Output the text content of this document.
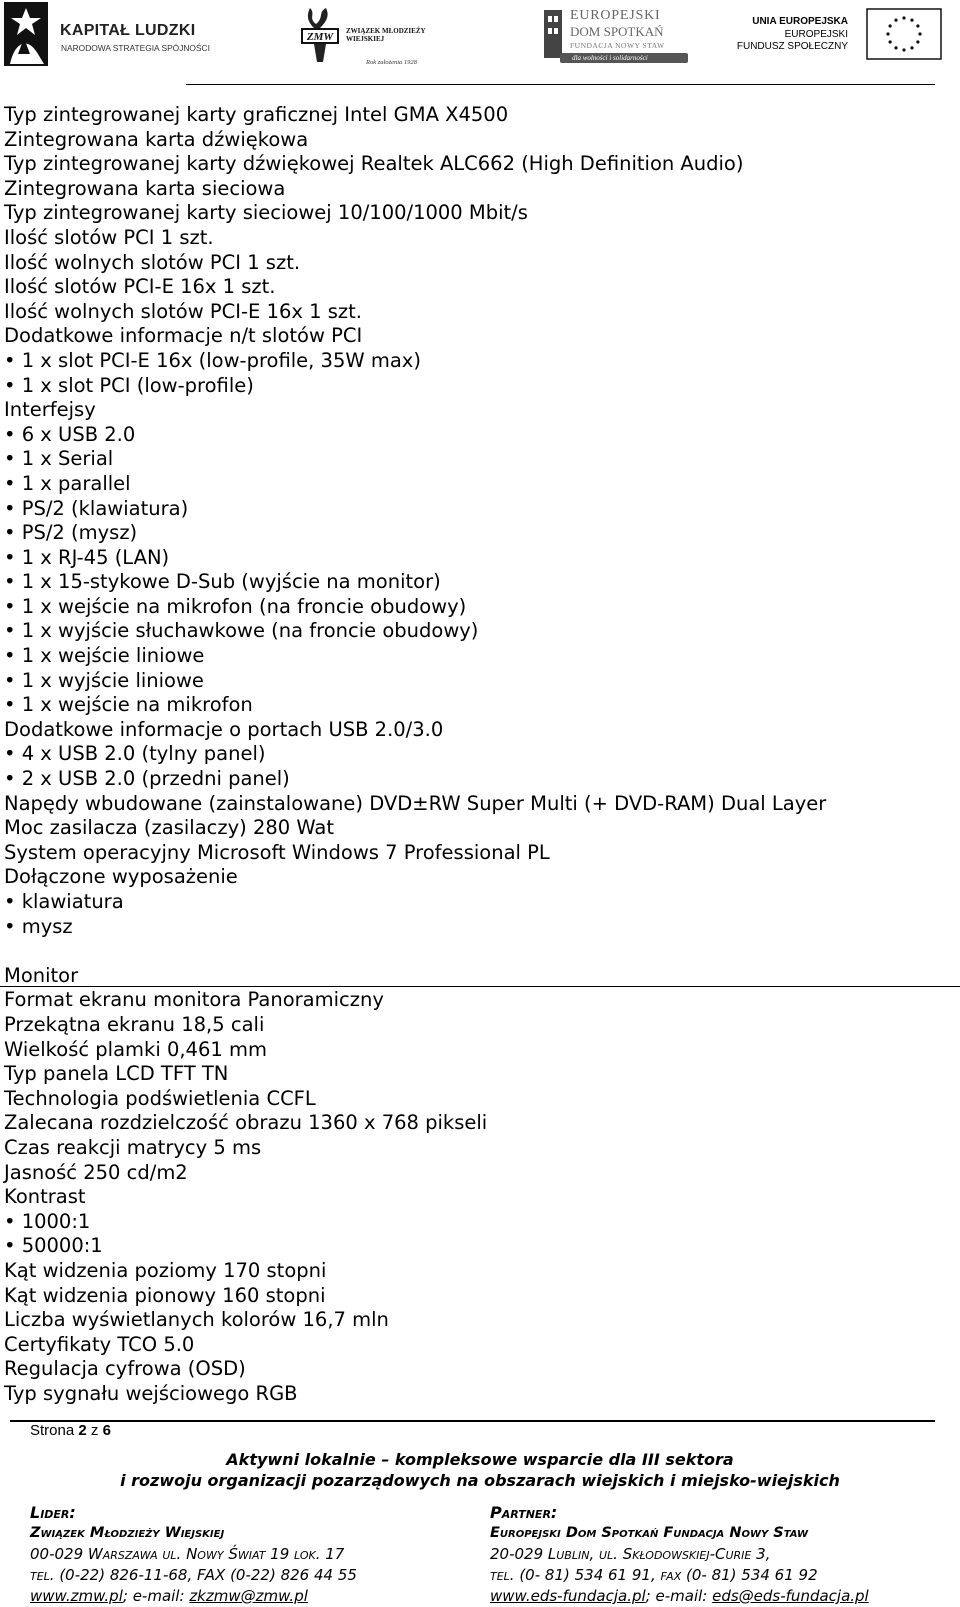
KAPITAŁ LUDZKI
NARODOWA STRATEGIA SPÓJNOŚCI
ZMW ZWIĄZEK MŁODZIEŻY WIEJSKIEJ
Rok założenia 1928
EUROPEJSKI
DOM SPOTKAŃ
FUNDACJA NOWY STAW
dla wolności i solidarności
UNIA EUROPEJSKA
EUROPEJSKI
FUNDUSZ SPOŁECZNY
Typ zintegrowanej karty graficznej Intel GMA X4500
Zintegrowana karta dźwiękowa
Typ zintegrowanej karty dźwiękowej Realtek ALC662 (High Definition Audio)
Zintegrowana karta sieciowa
Typ zintegrowanej karty sieciowej 10/100/1000 Mbit/s
Ilość slotów PCI 1 szt.
Ilość wolnych slotów PCI 1 szt.
Ilość slotów PCI-E 16x 1 szt.
Ilość wolnych slotów PCI-E 16x 1 szt.
Dodatkowe informacje n/t slotów PCI
• 1 x slot PCI-E 16x (low-profile, 35W max)
• 1 x slot PCI (low-profile)
Interfejsy
• 6 x USB 2.0
• 1 x Serial
• 1 x parallel
• PS/2 (klawiatura)
• PS/2 (mysz)
• 1 x RJ-45 (LAN)
• 1 x 15-stykowe D-Sub (wyjście na monitor)
• 1 x wejście na mikrofon (na froncie obudowy)
• 1 x wyjście słuchawkowe (na froncie obudowy)
• 1 x wejście liniowe
• 1 x wyjście liniowe
• 1 x wejście na mikrofon
Dodatkowe informacje o portach USB 2.0/3.0
• 4 x USB 2.0 (tylny panel)
• 2 x USB 2.0 (przedni panel)
Napędy wbudowane (zainstalowane) DVD±RW Super Multi (+ DVD-RAM) Dual Layer
Moc zasilacza (zasilaczy) 280 Wat
System operacyjny Microsoft Windows 7 Professional PL
Dołączone wyposażenie
• klawiatura
• mysz
Monitor
Format ekranu monitora Panoramiczny
Przekątna ekranu 18,5 cali
Wielkość plamki 0,461 mm
Typ panela LCD TFT TN
Technologia podświetlenia CCFL
Zalecana rozdzielczość obrazu 1360 x 768 pikseli
Czas reakcji matrycy 5 ms
Jasność 250 cd/m2
Kontrast
• 1000:1
• 50000:1
Kąt widzenia poziomy 170 stopni
Kąt widzenia pionowy 160 stopni
Liczba wyświetlanych kolorów 16,7 mln
Certyfikaty TCO 5.0
Regulacja cyfrowa (OSD)
Typ sygnału wejściowego RGB
Strona 2 z 6
Aktywni lokalnie – kompleksowe wsparcie dla III sektora
i rozwoju organizacji pozarządowych na obszarach wiejskich i miejsko-wiejskich
Lider:
Związek Młodzieży Wiejskiej
00-029 Warszawa ul. Nowy Świat 19 lok. 17
tel. (0-22) 826-11-68, FAX (0-22) 826 44 55
www.zmw.pl; e-mail: zkzmw@zmw.pl
Partner:
Europejski Dom Spotkań Fundacja Nowy Staw
20-029 Lublin, ul. Skłodowskiej-Curie 3,
tel. (0- 81) 534 61 91, fax (0- 81) 534 61 92
www.eds-fundacja.pl; e-mail: eds@eds-fundacja.pl
